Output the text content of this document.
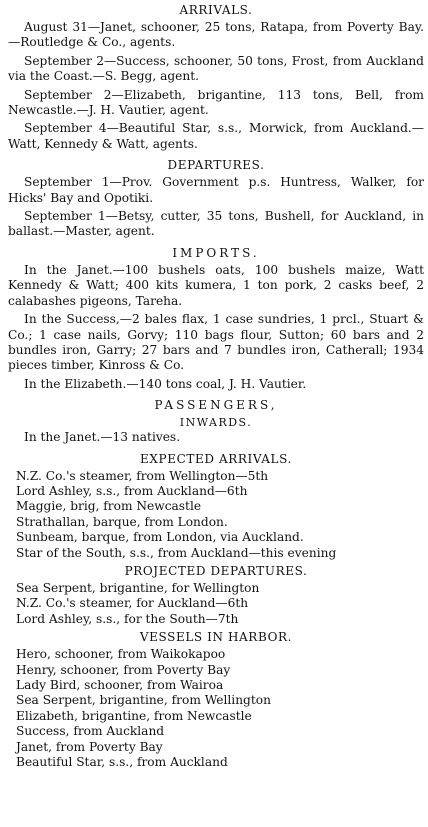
ARRIVALS.

August 31—Janet, schooner, 25 tons, Ratapa, from Poverty Bay.—Routledge & Co., agents.

September 2—Success, schooner, 50 tons, Frost, from Auckland via the Coast.—S. Begg, agent.

September 2—Elizabeth, brigantine, 113 tons, Bell, from Newcastle.—J. H. Vautier, agent.

September 4—Beautiful Star, s.s., Morwick, from Auckland.—Watt, Kennedy & Watt, agents.

DEPARTURES.

September 1—Prov. Government p.s. Huntress, Walker, for Hicks' Bay and Opotiki.

September 1—Betsy, cutter, 35 tons, Bushell, for Auckland, in ballast.—Master, agent.

IMPORTS.

In the Janet.—100 bushels oats, 100 bushels maize, Watt Kennedy & Watt; 400 kits kumera, 1 ton pork, 2 casks beef, 2 calabashes pigeons, Tareha.

In the Success,—2 bales flax, 1 case sundries, 1 prcl., Stuart & Co.; 1 case nails, Gorvy; 110 bags flour, Sutton; 60 bars and 2 bundles iron, Garry; 27 bars and 7 bundles iron, Catherall; 1934 pieces timber, Kinross & Co.

In the Elizabeth.—140 tons coal, J. H. Vautier.

PASSENGERS,
INWARDS.

In the Janet.—13 natives.

EXPECTED ARRIVALS.
N.Z. Co.'s steamer, from Wellington—5th
Lord Ashley, s.s., from Auckland—6th
Maggie, brig, from Newcastle
Strathallan, barque, from London.
Sunbeam, barque, from London, via Auckland.
Star of the South, s.s., from Auckland—this evening
PROJECTED DEPARTURES.
Sea Serpent, brigantine, for Wellington
N.Z. Co.'s steamer, for Auckland—6th
Lord Ashley, s.s., for the South—7th
VESSELS IN HARBOR.
Hero, schooner, from Waikokapoo
Henry, schooner, from Poverty Bay
Lady Bird, schooner, from Wairoa
Sea Serpent, brigantine, from Wellington
Elizabeth, brigantine, from Newcastle
Success, from Auckland
Janet, from Poverty Bay
Beautiful Star, s.s., from Auckland
